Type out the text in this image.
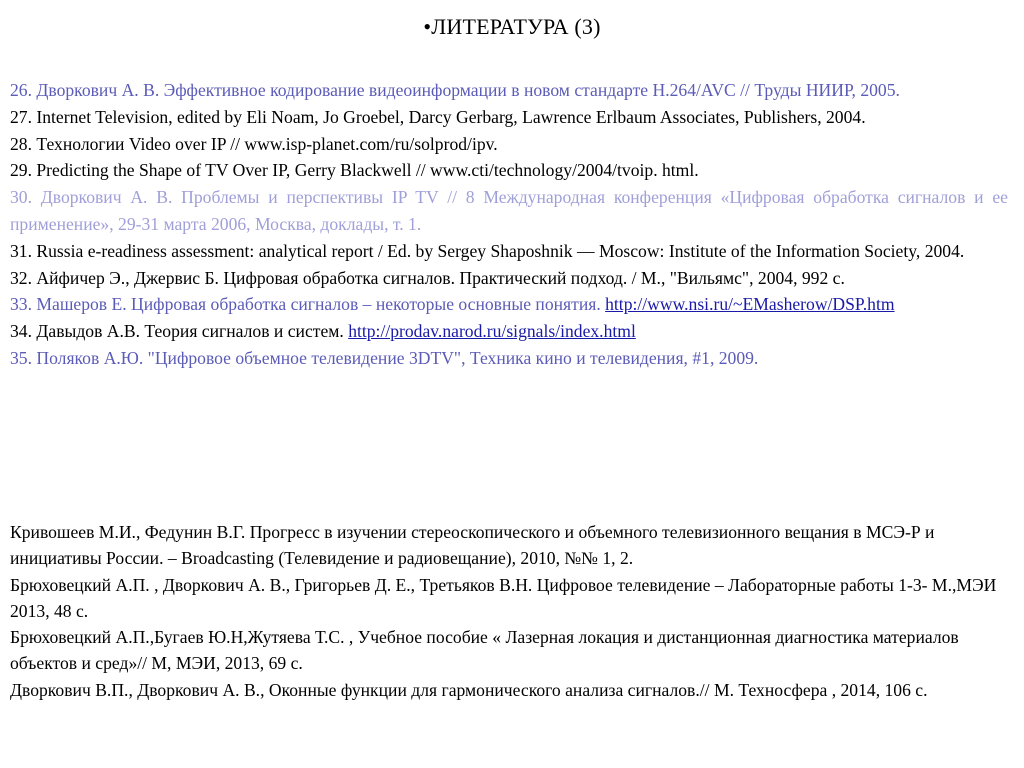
•ЛИТЕРАТУРА (3)

26. Дворкович А. В. Эффективное кодирование видеоинформации в новом стандарте H.264/AVC // Труды НИИР, 2005.

27. Internet Television, edited by Eli Noam, Jo Groebel, Darcy Gerbarg, Lawrence Erlbaum Associates, Publishers, 2004.

28. Технологии Video over IP // www.isp-planet.com/ru/solprod/ipv.

29. Predicting the Shape of TV Over IP, Gerry Blackwell // www.cti/technology/2004/tvoip. html.

30. Дворкович А. В. Проблемы и перспективы IP TV // 8 Международная конференция «Цифровая обработка сигналов и ее применение», 29-31 марта 2006, Москва, доклады, т. 1.

31. Russia e-readiness assessment: analytical report / Ed. by Sergey Shaposhnik — Moscow: Institute of the Information Society, 2004.

32. Айфичер Э., Джервис Б. Цифровая обработка сигналов. Практический подход. / М., "Вильямс", 2004, 992 с.

33. Машеров Е. Цифровая обработка сигналов – некоторые основные понятия. http://www.nsi.ru/~EMasherow/DSP.htm

34. Давыдов А.В. Теория сигналов и систем. http://prodav.narod.ru/signals/index.html

35. Поляков А.Ю. "Цифровое объемное телевидение 3DTV", Техника кино и телевидения, #1, 2009.

Кривошеев М.И., Федунин В.Г. Прогресс в изучении стереоскопического и объемного телевизионного вещания в МСЭ-Р и инициативы России. – Broadcasting (Телевидение и радиовещание), 2010, №№ 1, 2.

Брюховецкий А.П. , Дворкович А. В., Григорьев Д. Е., Третьяков В.Н. Цифровое телевидение – Лабораторные работы 1-3- М.,МЭИ 2013, 48 с.

Брюховецкий А.П.,Бугаев Ю.Н,Жутяева Т.С. , Учебное пособие « Лазерная локация и дистанционная диагностика материалов объектов и сред»// М, МЭИ, 2013, 69 с.

Дворкович В.П., Дворкович А. В., Оконные функции для гармонического анализа сигналов.// М. Техносфера , 2014, 106 с.
